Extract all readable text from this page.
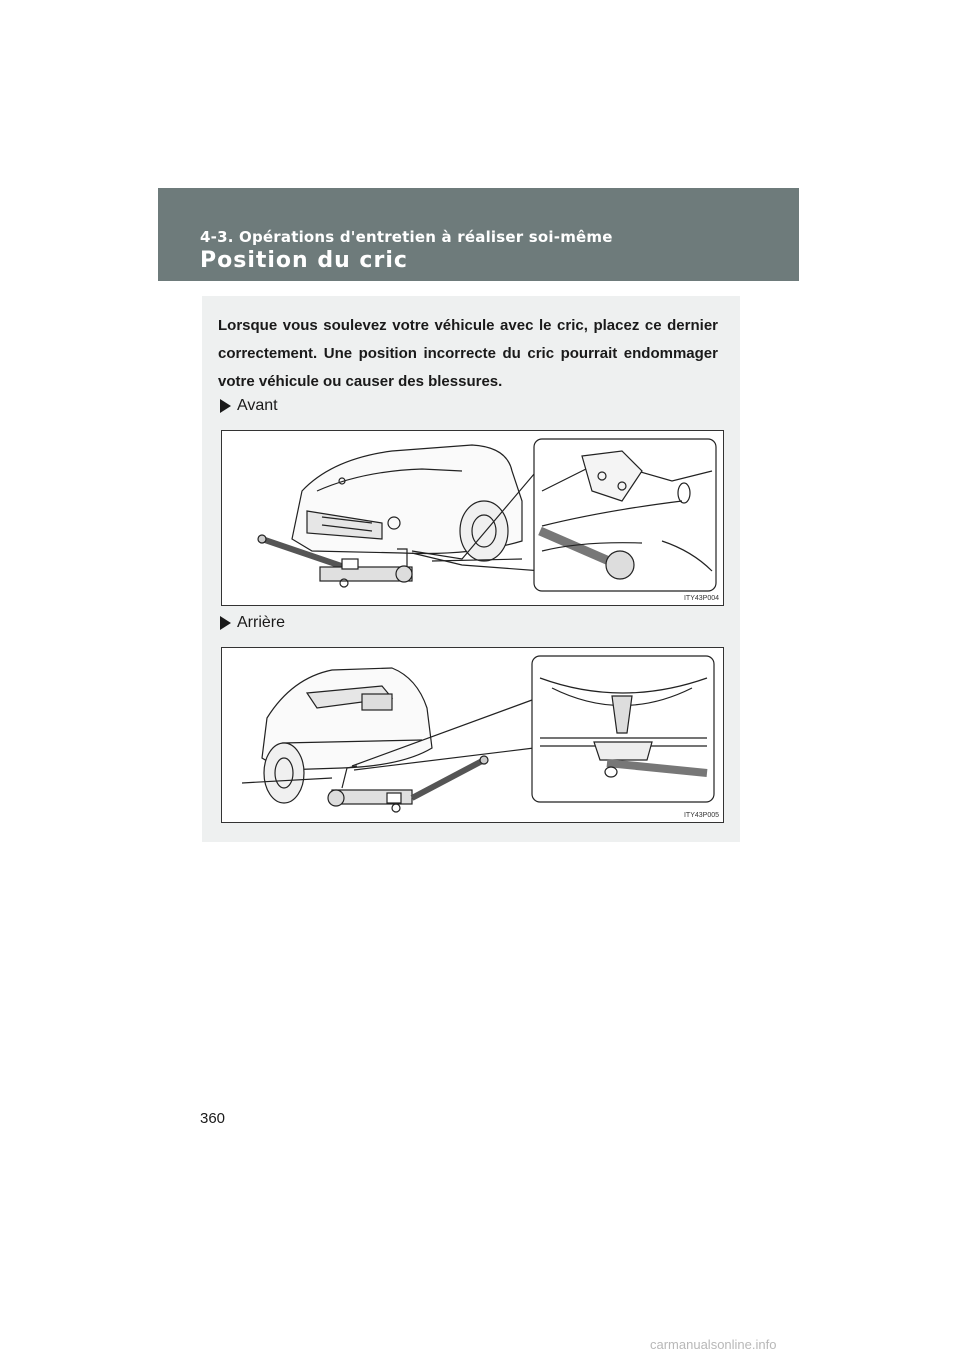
4-3. Opérations d'entretien à réaliser soi-même
Position du cric
Lorsque vous soulevez votre véhicule avec le cric, placez ce dernier correctement. Une position incorrecte du cric pourrait endommager votre véhicule ou causer des blessures.
Avant
ITY43P004
Arrière
ITY43P005
360
carmanualsonline.info
